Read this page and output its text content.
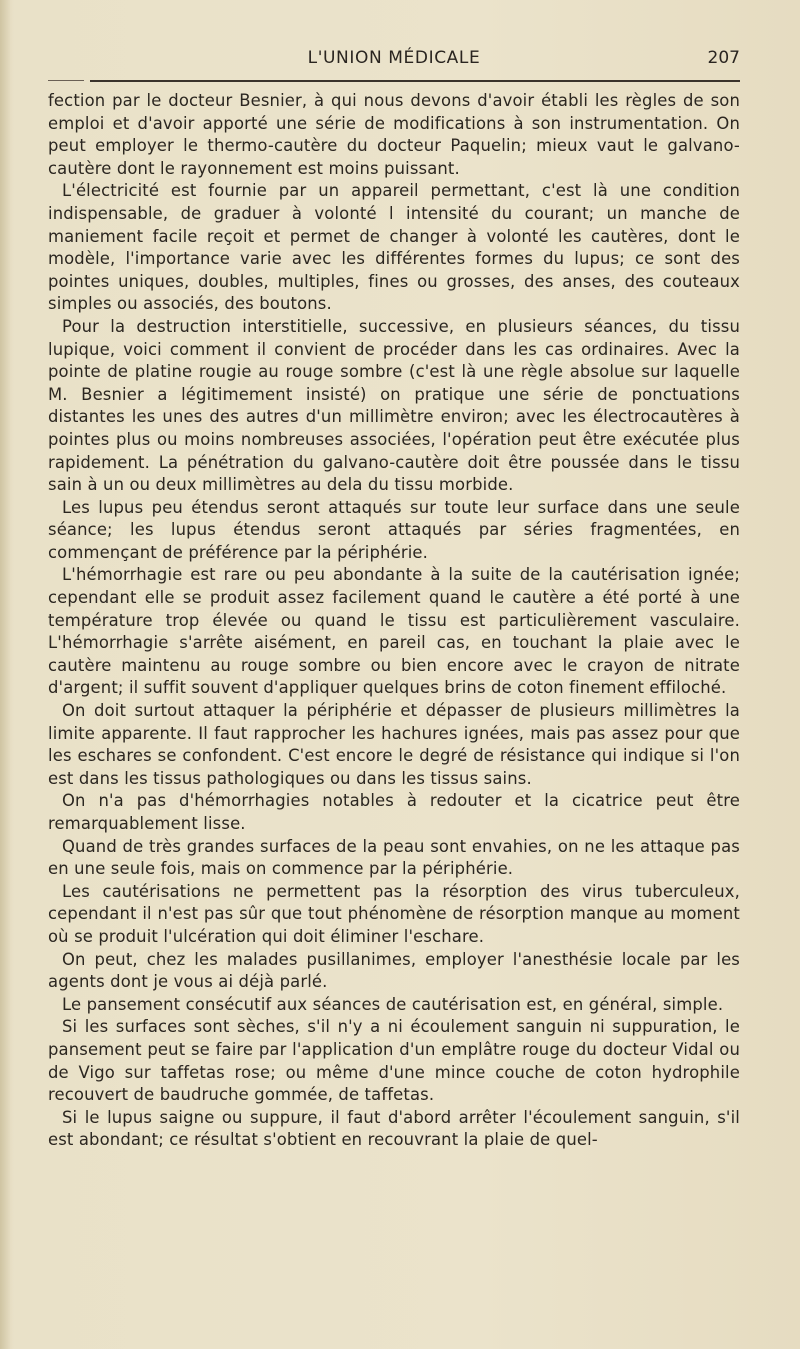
L'UNION MÉDICALE	207

fection par le docteur Besnier, à qui nous devons d'avoir établi les règles de son emploi et d'avoir apporté une série de modifications à son instrumentation. On peut employer le thermo-cautère du docteur Paquelin; mieux vaut le galvano-cautère dont le rayonnement est moins puissant.

L'électricité est fournie par un appareil permettant, c'est là une condition indispensable, de graduer à volonté l intensité du courant; un manche de maniement facile reçoit et permet de changer à volonté les cautères, dont le modèle, l'importance varie avec les différentes formes du lupus; ce sont des pointes uniques, doubles, multiples, fines ou grosses, des anses, des couteaux simples ou associés, des boutons.

Pour la destruction interstitielle, successive, en plusieurs séances, du tissu lupique, voici comment il convient de procéder dans les cas ordinaires. Avec la pointe de platine rougie au rouge sombre (c'est là une règle absolue sur laquelle M. Besnier a légitimement insisté) on pratique une série de ponctuations distantes les unes des autres d'un millimètre environ; avec les électrocautères à pointes plus ou moins nombreuses associées, l'opération peut être exécutée plus rapidement. La pénétration du galvano-cautère doit être poussée dans le tissu sain à un ou deux millimètres au dela du tissu morbide.

Les lupus peu étendus seront attaqués sur toute leur surface dans une seule séance; les lupus étendus seront attaqués par séries fragmentées, en commençant de préférence par la périphérie.

L'hémorrhagie est rare ou peu abondante à la suite de la cautérisation ignée; cependant elle se produit assez facilement quand le cautère a été porté à une température trop élevée ou quand le tissu est particulièrement vasculaire. L'hémorrhagie s'arrête aisément, en pareil cas, en touchant la plaie avec le cautère maintenu au rouge sombre ou bien encore avec le crayon de nitrate d'argent; il suffit souvent d'appliquer quelques brins de coton finement effiloché.

On doit surtout attaquer la périphérie et dépasser de plusieurs millimètres la limite apparente. Il faut rapprocher les hachures ignées, mais pas assez pour que les eschares se confondent. C'est encore le degré de résistance qui indique si l'on est dans les tissus pathologiques ou dans les tissus sains.

On n'a pas d'hémorrhagies notables à redouter et la cicatrice peut être remarquablement lisse.

Quand de très grandes surfaces de la peau sont envahies, on ne les attaque pas en une seule fois, mais on commence par la périphérie.

Les cautérisations ne permettent pas la résorption des virus tuberculeux, cependant il n'est pas sûr que tout phénomène de résorption manque au moment où se produit l'ulcération qui doit éliminer l'eschare.

On peut, chez les malades pusillanimes, employer l'anesthésie locale par les agents dont je vous ai déjà parlé.

Le pansement consécutif aux séances de cautérisation est, en général, simple.

Si les surfaces sont sèches, s'il n'y a ni écoulement sanguin ni suppuration, le pansement peut se faire par l'application d'un emplâtre rouge du docteur Vidal ou de Vigo sur taffetas rose; ou même d'une mince couche de coton hydrophile recouvert de baudruche gommée, de taffetas.

Si le lupus saigne ou suppure, il faut d'abord arrêter l'écoulement sanguin, s'il est abondant; ce résultat s'obtient en recouvrant la plaie de quel-
